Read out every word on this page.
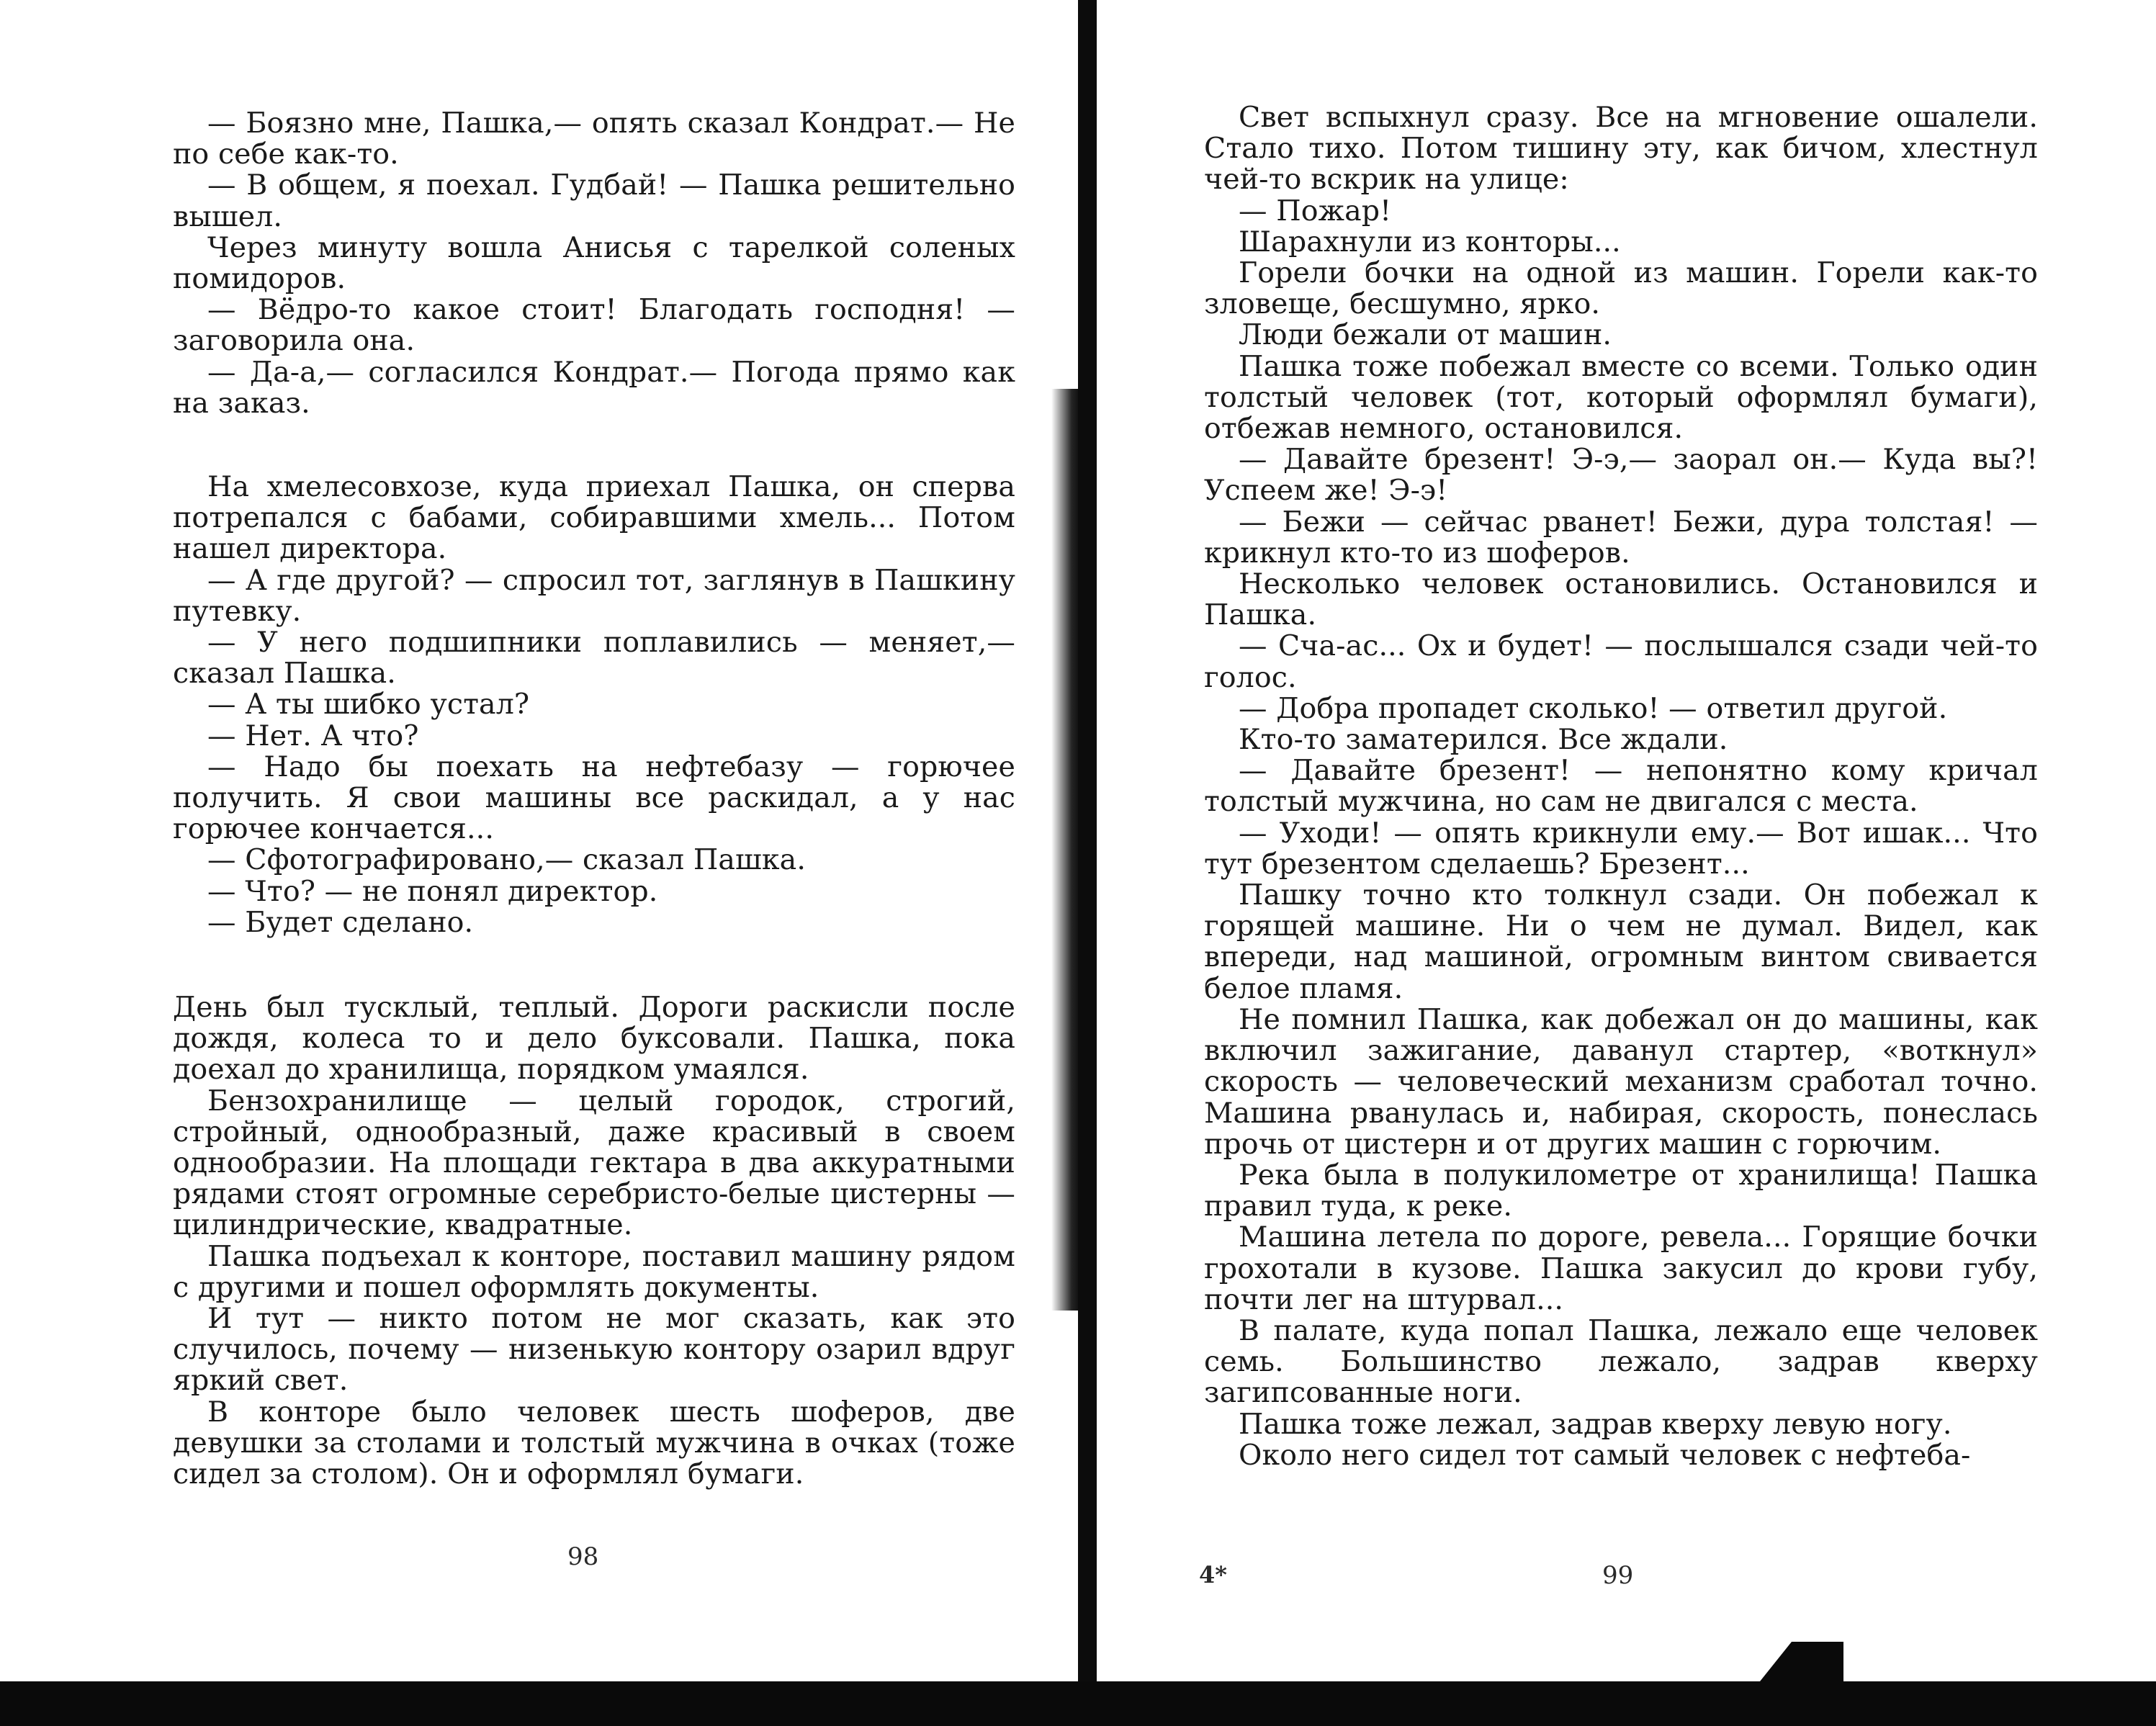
— Боязно мне, Пашка,— опять сказал Кондрат.— Не по себе как-то.

— В общем, я поехал. Гудбай! — Пашка решительно вышел.

Через минуту вошла Анисья с тарелкой соленых помидоров.

— Вёдро-то какое стоит! Благодать господня! — заговорила она.

— Да-а,— согласился Кондрат.— Погода прямо как на заказ.

На хмелесовхозе, куда приехал Пашка, он сперва потрепался с бабами, собиравшими хмель... Потом нашел директора.

— А где другой? — спросил тот, заглянув в Пашкину путевку.

— У него подшипники поплавились — меняет,— сказал Пашка.

— А ты шибко устал?

— Нет. А что?

— Надо бы поехать на нефтебазу — горючее получить. Я свои машины все раскидал, а у нас горючее кончается...

— Сфотографировано,— сказал Пашка.

— Что? — не понял директор.

— Будет сделано.

День был тусклый, теплый. Дороги раскисли после дождя, колеса то и дело буксовали. Пашка, пока доехал до хранилища, порядком умаялся.

Бензохранилище — целый городок, строгий, стройный, однообразный, даже красивый в своем однообразии. На площади гектара в два аккуратными рядами стоят огромные серебристо-белые цистерны — цилиндрические, квадратные.

Пашка подъехал к конторе, поставил машину рядом с другими и пошел оформлять документы.

И тут — никто потом не мог сказать, как это случилось, почему — низенькую контору озарил вдруг яркий свет.

В конторе было человек шесть шоферов, две девушки за столами и толстый мужчина в очках (тоже сидел за столом). Он и оформлял бумаги.

98

Свет вспыхнул сразу. Все на мгновение ошалели. Стало тихо. Потом тишину эту, как бичом, хлестнул чей-то вскрик на улице:

— Пожар!

Шарахнули из конторы...

Горели бочки на одной из машин. Горели как-то зловеще, бесшумно, ярко.

Люди бежали от машин.

Пашка тоже побежал вместе со всеми. Только один толстый человек (тот, который оформлял бумаги), отбежав немного, остановился.

— Давайте брезент! Э-э,— заорал он.— Куда вы?! Успеем же! Э-э!

— Бежи — сейчас рванет! Бежи, дура толстая! — крикнул кто-то из шоферов.

Несколько человек остановились. Остановился и Пашка.

— Сча-ас... Ох и будет! — послышался сзади чей-то голос.

— Добра пропадет сколько! — ответил другой.

Кто-то заматерился. Все ждали.

— Давайте брезент! — непонятно кому кричал толстый мужчина, но сам не двигался с места.

— Уходи! — опять крикнули ему.— Вот ишак... Что тут брезентом сделаешь? Брезент...

Пашку точно кто толкнул сзади. Он побежал к горящей машине. Ни о чем не думал. Видел, как впереди, над машиной, огромным винтом свивается белое пламя.

Не помнил Пашка, как добежал он до машины, как включил зажигание, даванул стартер, «воткнул» скорость — человеческий механизм сработал точно. Машина рванулась и, набирая, скорость, понеслась прочь от цистерн и от других машин с горючим.

Река была в полукилометре от хранилища! Пашка правил туда, к реке.

Машина летела по дороге, ревела... Горящие бочки грохотали в кузове. Пашка закусил до крови губу, почти лег на штурвал...

В палате, куда попал Пашка, лежало еще человек семь. Большинство лежало, задрав кверху загипсованные ноги.

Пашка тоже лежал, задрав кверху левую ногу.

Около него сидел тот самый человек с нефтеба-

4*	99
